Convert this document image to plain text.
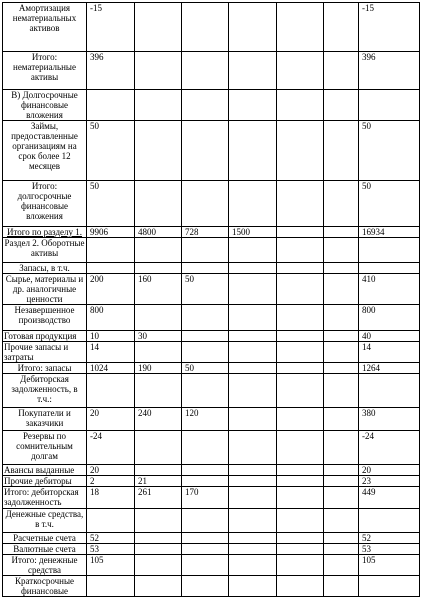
Амортизация нематериальных активов	-15						-15
Итого: нематериальные активы	396						396
В) Долгосрочные финансовые вложения							
Займы, предоставленные организациям на срок более 12 месяцев	50						50
Итого: долгосрочные финансовые вложения	50						50
Итого по разделу 1.	9906	4800	728	1500			16934
Раздел 2. Оборотные активы							
Запасы, в т.ч.							
Сырье, материалы и др. аналогичные ценности	200	160	50				410
Незавершенное производство	800						800
Готовая продукция	10	30					40
Прочие запасы и затраты	14						14
Итого: запасы	1024	190	50				1264
Дебиторская задолженность, в т.ч.:							
Покупатели и заказчики	20	240	120				380
Резервы по сомнительным долгам	-24						-24
Авансы выданные	20						20
Прочие дебиторы	2	21					23
Итого: дебиторская задолженность	18	261	170				449
Денежные средства, в т.ч.							
Расчетные счета	52						52
Валютные счета	53						53
Итого: денежные средства	105						105
Краткосрочные финансовые							
